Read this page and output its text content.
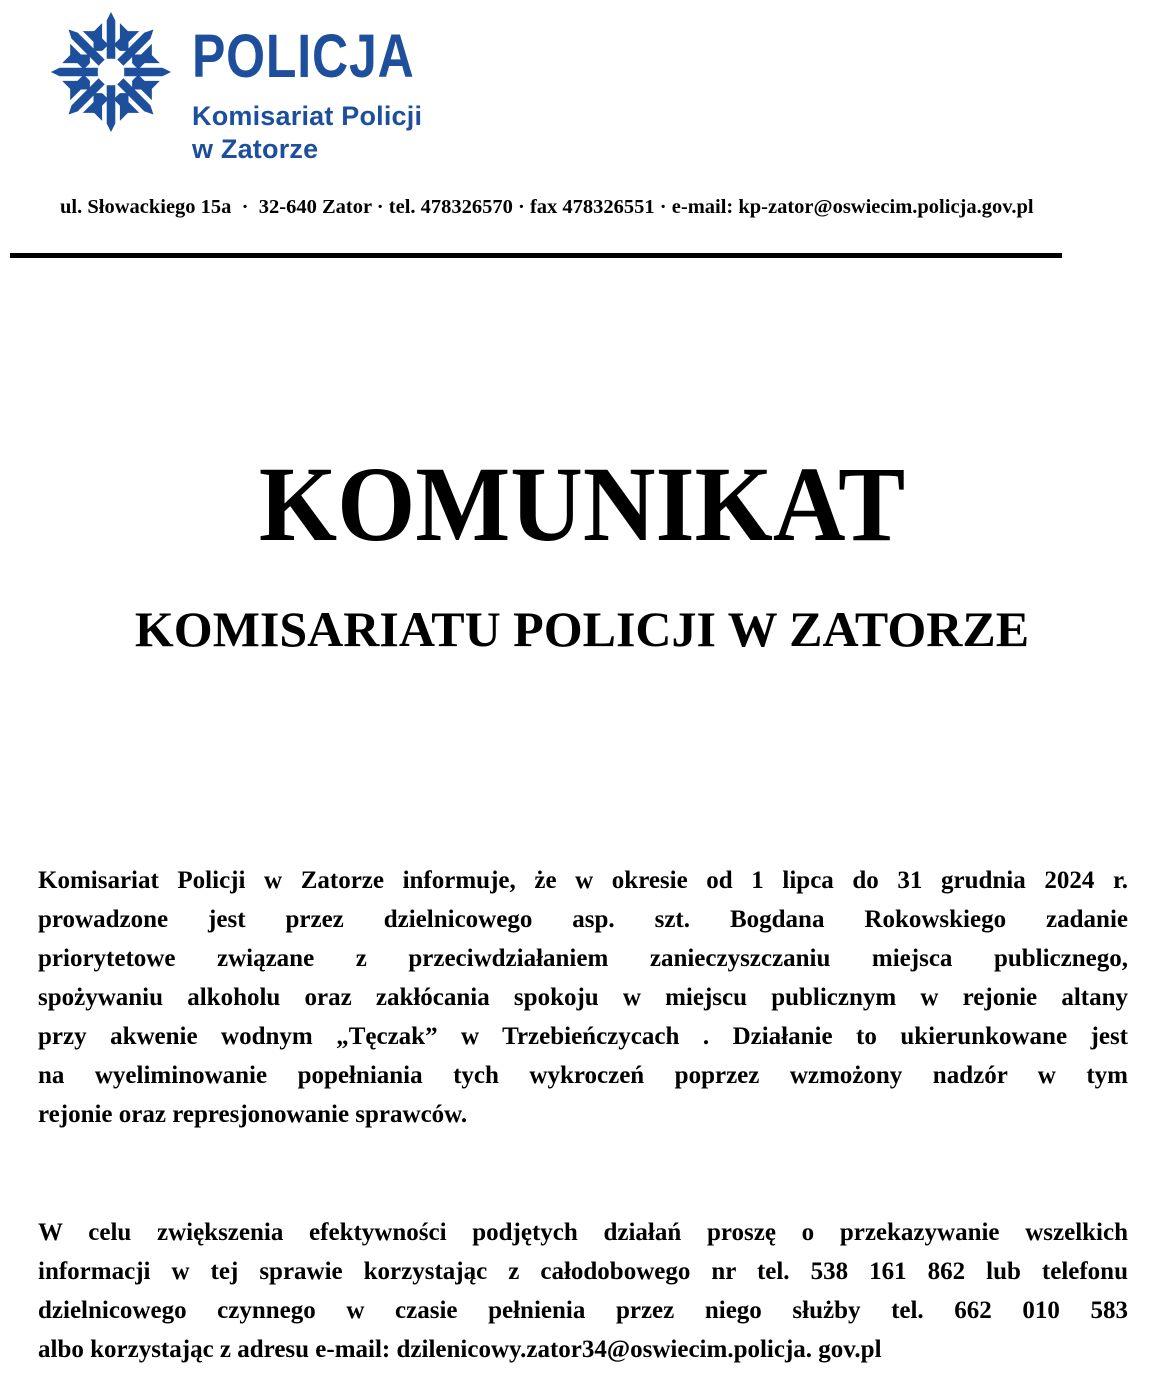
POLICJA
Komisariat Policji
w Zatorze
ul. Słowackiego 15a  ·  32-640 Zator · tel. 478326570 · fax 478326551 · e-mail: kp-zator@oswiecim.policja.gov.pl
KOMUNIKAT
KOMISARIATU POLICJI W ZATORZE
Komisariat Policji w Zatorze informuje, że w okresie od 1 lipca do 31 grudnia 2024 r.
prowadzone jest przez dzielnicowego asp. szt. Bogdana Rokowskiego zadanie
priorytetowe związane z przeciwdziałaniem zanieczyszczaniu miejsca publicznego,
spożywaniu alkoholu oraz zakłócania spokoju w miejscu publicznym w rejonie altany
przy akwenie wodnym „Tęczak” w Trzebieńczycach . Działanie to ukierunkowane jest
na wyeliminowanie popełniania tych wykroczeń poprzez wzmożony nadzór w tym
rejonie oraz represjonowanie sprawców.
W celu zwiększenia efektywności podjętych działań proszę o przekazywanie wszelkich
informacji w tej sprawie korzystając z całodobowego nr tel. 538 161 862 lub telefonu
dzielnicowego czynnego w czasie pełnienia przez niego służby tel. 662 010 583
albo korzystając z adresu e-mail: dzilenicowy.zator34@oswiecim.policja. gov.pl
